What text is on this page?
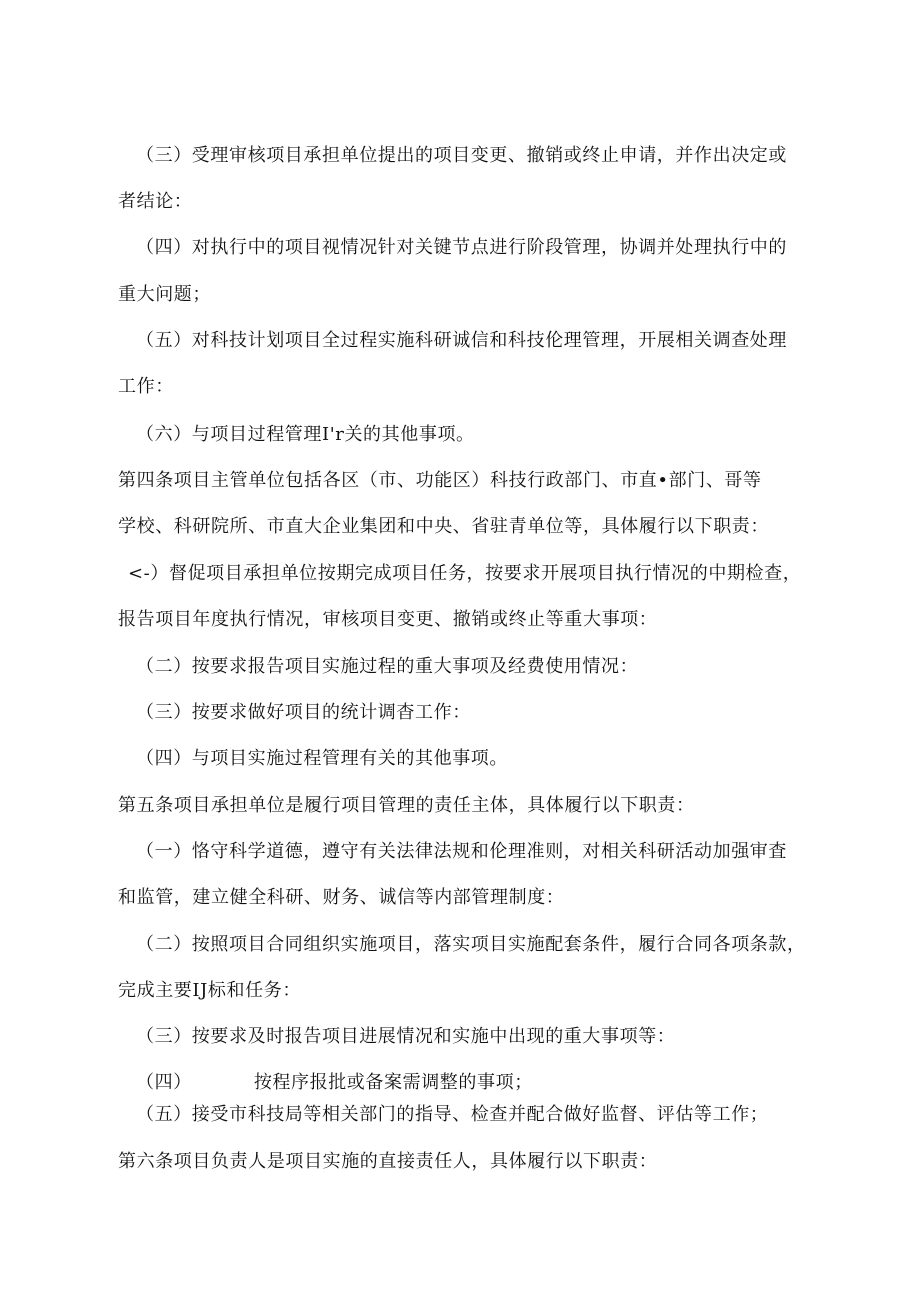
（三）受理审核项目承担单位提出的项目变更、撤销或终止申请，并作出决定或
者结论：
（四）对执行中的项目视情况针对关键节点进行阶段管理，协调并处理执行中的
重大问题；
（五）对科技计划项目全过程实施科研诚信和科技伦理管理，开展相关调查处理
工作：
（六）与项目过程管理I'r关的其他事项。
第四条项目主管单位包括各区（市、功能区）科技行政部门、市直•部门、哥等
学校、科研院所、市直大企业集团和中央、省驻青单位等，具体履行以下职责：
<-）督促项目承担单位按期完成项目任务，按要求开展项目执行情况的中期检查，
报告项目年度执行情况，审核项目变更、撤销或终止等重大事项：
（二）按要求报告项目实施过程的重大事项及经费使用情况：
（三）按要求做好项目的统计调杳工作：
（四）与项目实施过程管理有关的其他事项。
第五条项目承担单位是履行项目管理的责任主体，具体履行以下职责：
（一）恪守科学道德，遵守有关法律法规和伦理准则，对相关科研活动加强审査
和监管，建立健全科研、财务、诚信等内部管理制度：
（二）按照项目合同组织实施项目，落实项目实施配套条件，履行合同各项条款，
完成主要IJ标和任务：
（三）按要求及时报告项目进展情况和实施中出现的重大事项等：
（四）	按程序报批或备案需调整的事项；
（五）接受市科技局等相关部门的指导、检查并配合做好监督、评估等工作；
第六条项目负责人是项目实施的直接责任人，具体履行以下职责：
